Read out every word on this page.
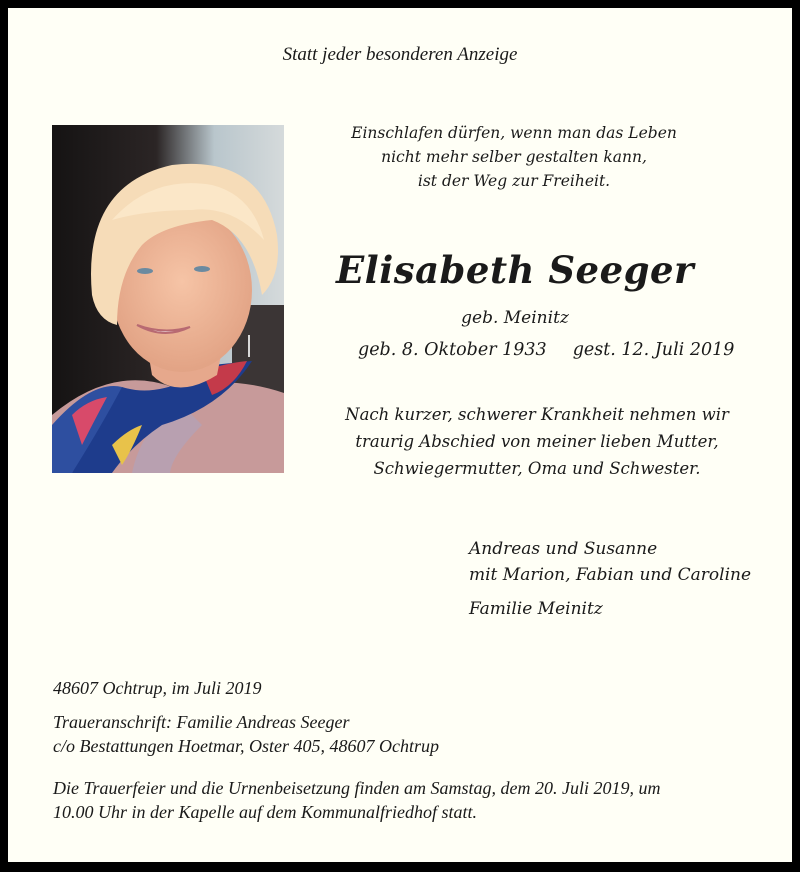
Statt jeder besonderen Anzeige
Einschlafen dürfen, wenn man das Leben
nicht mehr selber gestalten kann,
ist der Weg zur Freiheit.
Elisabeth Seeger
geb. Meinitz
geb. 8. Oktober 1933 gest. 12. Juli 2019
Nach kurzer, schwerer Krankheit nehmen wir
traurig Abschied von meiner lieben Mutter,
Schwiegermutter, Oma und Schwester.
Andreas und Susanne
mit Marion, Fabian und Caroline
Familie Meinitz
48607 Ochtrup, im Juli 2019
Traueranschrift: Familie Andreas Seeger
c/o Bestattungen Hoetmar, Oster 405, 48607 Ochtrup
Die Trauerfeier und die Urnenbeisetzung finden am Samstag, dem 20. Juli 2019, um
10.00 Uhr in der Kapelle auf dem Kommunalfriedhof statt.
